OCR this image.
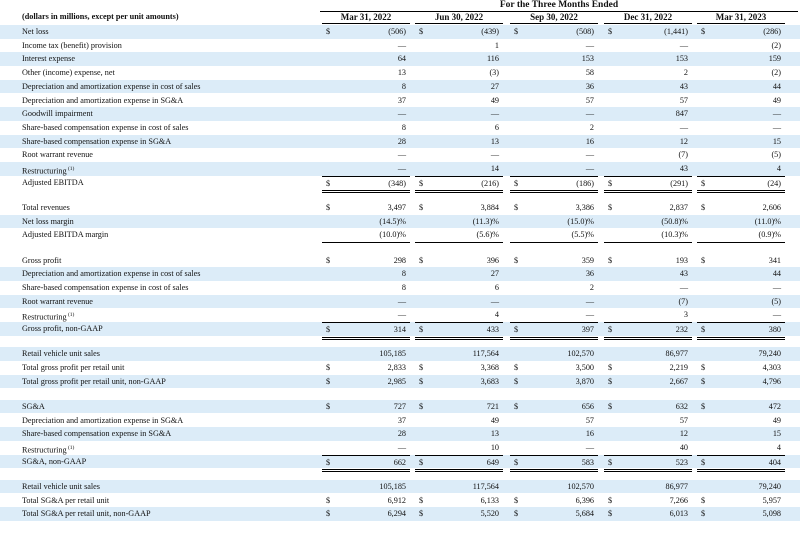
For the Three Months Ended
(dollars in millions, except per unit amounts)	Mar 31, 2022	Jun 30, 2022	Sep 30, 2022	Dec 31, 2022	Mar 31, 2023
Net loss	$	(506) $	(439) $	(508) $	(1,441) $	(286)
Income tax (benefit) provision	—	1	—	—	(2)
Interest expense	64	116	153	153	159
Other (income) expense, net	13	(3)	58	2	(2)
Depreciation and amortization expense in cost of sales	8	27	36	43	44
Depreciation and amortization expense in SG&A	37	49	57	57	49
Goodwill impairment	—	—	—	847	—
Share-based compensation expense in cost of sales	8	6	2	—	—
Share-based compensation expense in SG&A	28	13	16	12	15
Root warrant revenue	—	—	—	(7)	(5)
Restructuring $^{(1)}$	—	14	—	43	4
Adjusted EBITDA	$	(348) $	(216) $	(186) $	(291) $	(24)
Total revenues	$	3,497 $	3,884 $	3,386 $	2,837 $	2,606
Net loss margin	(14.5)%	(11.3)%	(15.0)%	(50.8)%	(11.0)%
Adjusted EBITDA margin	(10.0)%	(5.6)%	(5.5)%	(10.3)%	(0.9)%
Gross profit	$	298 $	396 $	359 $	193 $	341
Depreciation and amortization expense in cost of sales	8	27	36	43	44
Share-based compensation expense in cost of sales	8	6	2	—	—
Root warrant revenue	—	—	—	(7)	(5)
Restructuring $^{(1)}$	—	4	—	3	—
Gross profit, non-GAAP	$	314 $	433 $	397 $	232 $	380
Retail vehicle unit sales	105,185	117,564	102,570	86,977	79,240
Total gross profit per retail unit	$	2,833 $	3,368 $	3,500 $	2,219 $	4,303
Total gross profit per retail unit, non-GAAP	$	2,985 $	3,683 $	3,870 $	2,667 $	4,796
SG&A	$	727 $	721 $	656 $	632 $	472
Depreciation and amortization expense in SG&A	37	49	57	57	49
Share-based compensation expense in SG&A	28	13	16	12	15
Restructuring $^{(1)}$	—	10	—	40	4
SG&A, non-GAAP	$	662 $	649 $	583 $	523 $	404
Retail vehicle unit sales	105,185	117,564	102,570	86,977	79,240
Total SG&A per retail unit	$	6,912 $	6,133 $	6,396 $	7,266 $	5,957
Total SG&A per retail unit, non-GAAP	$	6,294 $	5,520 $	5,684 $	6,013 $	5,098
